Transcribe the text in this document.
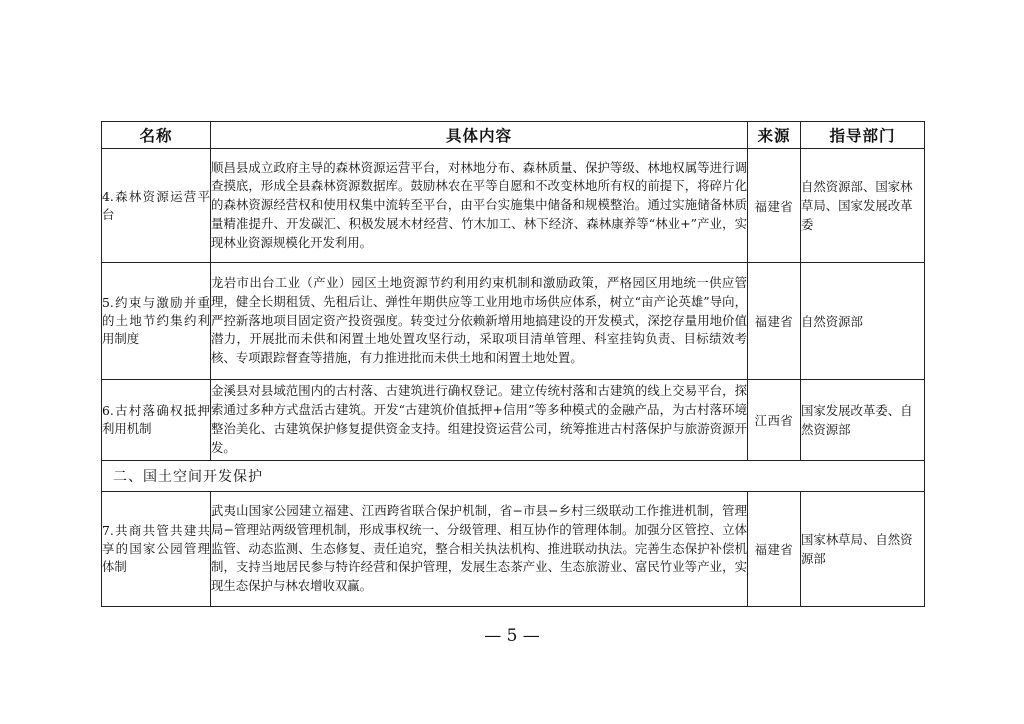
名称	具体内容	来源	指导部门
4.森林资源运营平台	顺昌县成立政府主导的森林资源运营平台，对林地分布、森林质量、保护等级、林地权属等进行调查摸底，形成全县森林资源数据库。鼓励林农在平等自愿和不改变林地所有权的前提下，将碎片化的森林资源经营权和使用权集中流转至平台，由平台实施集中储备和规模整治。通过实施储备林质量精准提升、开发碳汇、积极发展木材经营、竹木加工、林下经济、森林康养等“林业+”产业，实现林业资源规模化开发利用。	福建省	自然资源部、国家林草局、国家发展改革委
5.约束与激励并重的土地节约集约利用制度	龙岩市出台工业（产业）园区土地资源节约利用约束机制和激励政策，严格园区用地统一供应管理，健全长期租赁、先租后让、弹性年期供应等工业用地市场供应体系，树立“亩产论英雄”导向，严控新落地项目固定资产投资强度。转变过分依赖新增用地搞建设的开发模式，深挖存量用地价值潜力，开展批而未供和闲置土地处置攻坚行动，采取项目清单管理、科室挂钩负责、目标绩效考核、专项跟踪督查等措施，有力推进批而未供土地和闲置土地处置。	福建省	自然资源部
6.古村落确权抵押利用机制	金溪县对县域范围内的古村落、古建筑进行确权登记。建立传统村落和古建筑的线上交易平台，探索通过多种方式盘活古建筑。开发“古建筑价值抵押+信用”等多种模式的金融产品，为古村落环境整治美化、古建筑保护修复提供资金支持。组建投资运营公司，统筹推进古村落保护与旅游资源开发。	江西省	国家发展改革委、自然资源部
二、国土空间开发保护			
7.共商共管共建共享的国家公园管理体制	武夷山国家公园建立福建、江西跨省联合保护机制，省−市县−乡村三级联动工作推进机制，管理局−管理站两级管理机制，形成事权统一、分级管理、相互协作的管理体制。加强分区管控、立体监管、动态监测、生态修复、责任追究，整合相关执法机构、推进联动执法。完善生态保护补偿机制，支持当地居民参与特许经营和保护管理，发展生态茶产业、生态旅游业、富民竹业等产业，实现生态保护与林农增收双赢。	福建省	国家林草局、自然资源部
— 5 —
